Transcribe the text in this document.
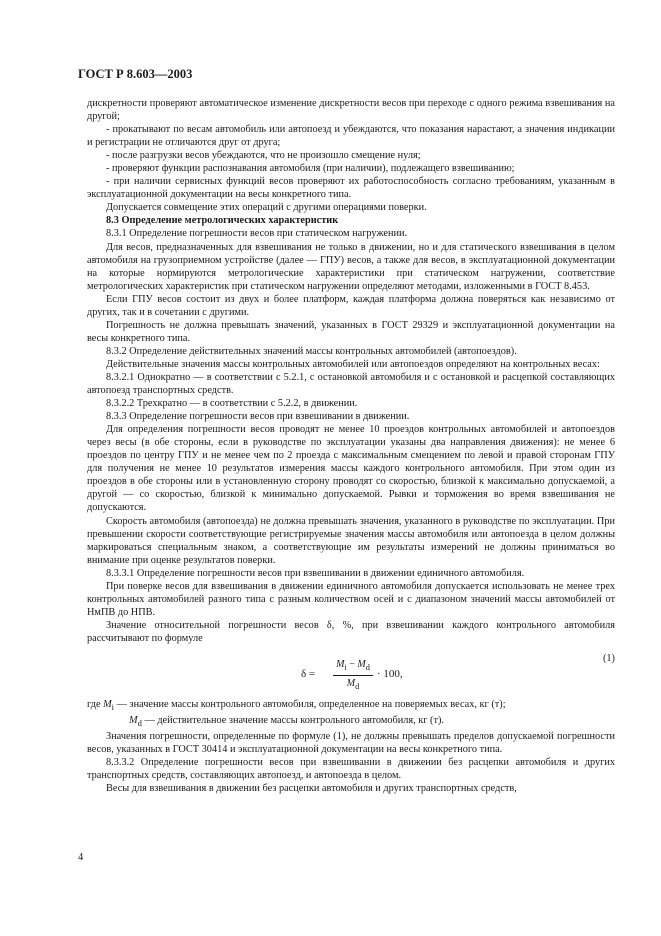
ГОСТ Р 8.603—2003

дискретности проверяют автоматическое изменение дискретности весов при переходе с одного режима взвешивания на другой;

- прокатывают по весам автомобиль или автопоезд и убеждаются, что показания нарастают, а значения индикации и регистрации не отличаются друг от друга;

- после разгрузки весов убеждаются, что не произошло смещение нуля;

- проверяют функции распознавания автомобиля (при наличии), подлежащего взвешиванию;

- при наличии сервисных функций весов проверяют их работоспособность согласно требованиям, указанным в эксплуатационной документации на весы конкретного типа.

Допускается совмещение этих операций с другими операциями поверки.

8.3 Определение метрологических характеристик

8.3.1 Определение погрешности весов при статическом нагружении.

Для весов, предназначенных для взвешивания не только в движении, но и для статического взвешивания в целом автомобиля на грузоприемном устройстве (далее — ГПУ) весов, а также для весов, в эксплуатационной документации на которые нормируются метрологические характеристики при статическом нагружении, соответствие метрологических характеристик при статическом нагружении определяют методами, изложенными в ГОСТ 8.453.

Если ГПУ весов состоит из двух и более платформ, каждая платформа должна поверяться как независимо от других, так и в сочетании с другими.

Погрешность не должна превышать значений, указанных в ГОСТ 29329 и эксплуатационной документации на весы конкретного типа.

8.3.2 Определение действительных значений массы контрольных автомобилей (автопоездов).

Действительные значения массы контрольных автомобилей или автопоездов определяют на контрольных весах:

8.3.2.1 Однократно — в соответствии с 5.2.1, с остановкой автомобиля и с остановкой и расцепкой составляющих автопоезд транспортных средств.

8.3.2.2 Трехкратно — в соответствии с 5.2.2, в движении.

8.3.3 Определение погрешности весов при взвешивании в движении.

Для определения погрешности весов проводят не менее 10 проездов контрольных автомобилей и автопоездов через весы (в обе стороны, если в руководстве по эксплуатации указаны два направления движения): не менее 6 проездов по центру ГПУ и не менее чем по 2 проезда с максимальным смещением по левой и правой сторонам ГПУ для получения не менее 10 результатов измерения массы каждого контрольного автомобиля. При этом один из проездов в обе стороны или в установленную сторону проводят со скоростью, близкой к максимально допускаемой, а другой — со скоростью, близкой к минимально допускаемой. Рывки и торможения во время взвешивания не допускаются.

Скорость автомобиля (автопоезда) не должна превышать значения, указанного в руководстве по эксплуатации. При превышении скорости соответствующие регистрируемые значения массы автомобиля или автопоезда в целом должны маркироваться специальным знаком, а соответствующие им результаты измерений не должны приниматься во внимание при оценке результатов поверки.

8.3.3.1 Определение погрешности весов при взвешивании в движении единичного автомобиля.

При поверке весов для взвешивания в движении единичного автомобиля допускается использовать не менее трех контрольных автомобилей разного типа с разным количеством осей и с диапазоном значений массы автомобилей от НмПВ до НПВ.

Значение относительной погрешности весов δ, %, при взвешивании каждого контрольного автомобиля рассчитывают по формуле

$\delta = \frac{M_i - M_d}{M_d} \cdot 100$,
(1)

где $M_i$ — значение массы контрольного автомобиля, определенное на поверяемых весах, кг (т);

$M_d$ — действительное значение массы контрольного автомобиля, кг (т).

Значения погрешности, определенные по формуле (1), не должны превышать пределов допускаемой погрешности весов, указанных в ГОСТ 30414 и эксплуатационной документации на весы конкретного типа.

8.3.3.2 Определение погрешности весов при взвешивании в движении без расцепки автомобиля и других транспортных средств, составляющих автопоезд, и автопоезда в целом.

Весы для взвешивания в движении без расцепки автомобиля и других транспортных средств,

4
